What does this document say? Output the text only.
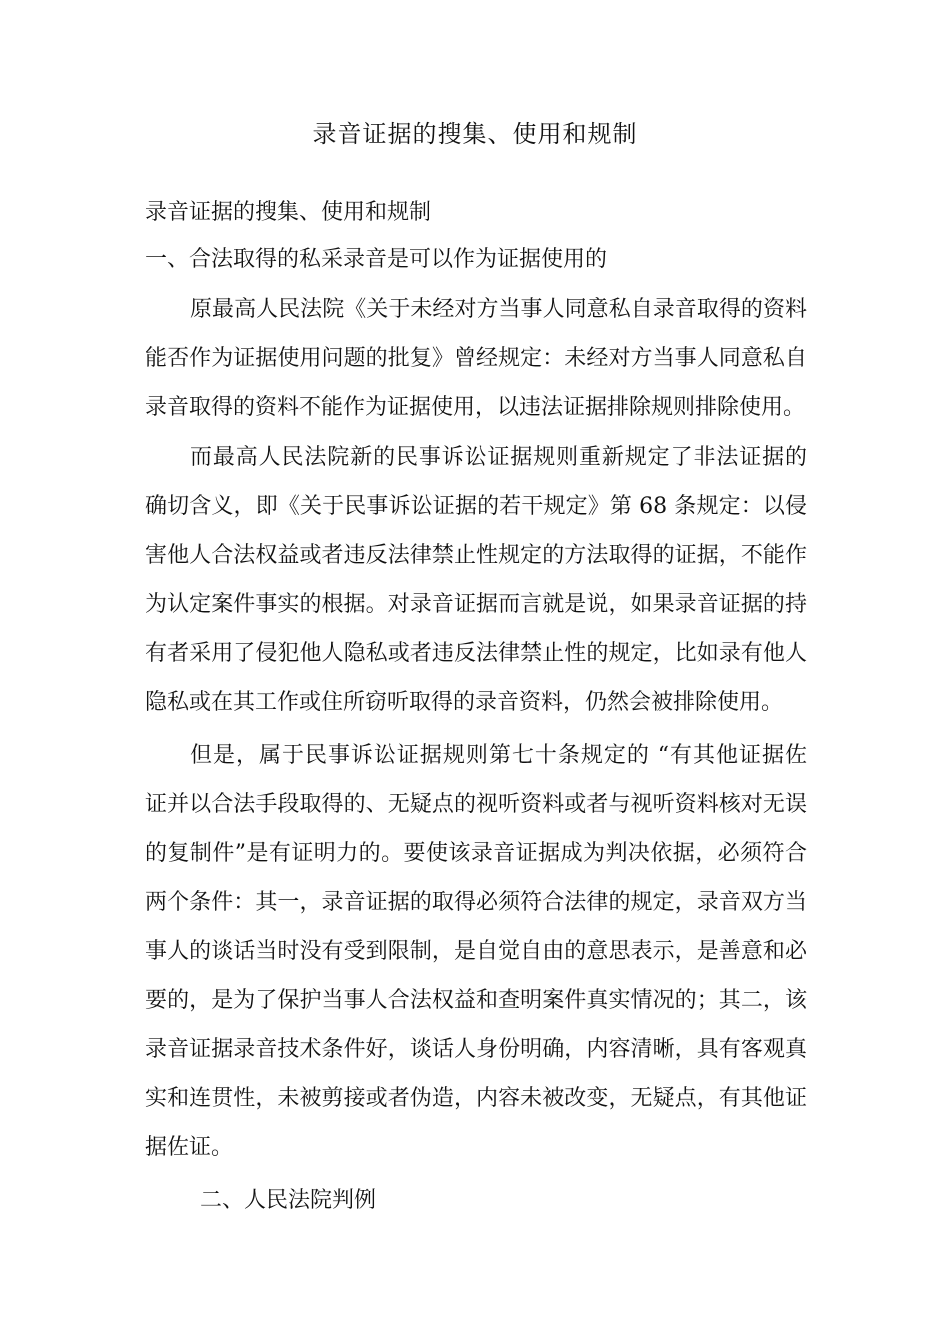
录音证据的搜集、使用和规制
录音证据的搜集、使用和规制
一、合法取得的私采录音是可以作为证据使用的
原最高人民法院《关于未经对方当事人同意私自录音取得的资料
能否作为证据使用问题的批复》曾经规定：未经对方当事人同意私自
录音取得的资料不能作为证据使用，以违法证据排除规则排除使用。
而最高人民法院新的民事诉讼证据规则重新规定了非法证据的
确切含义，即《关于民事诉讼证据的若干规定》第 68 条规定：以侵
害他人合法权益或者违反法律禁止性规定的方法取得的证据，不能作
为认定案件事实的根据。对录音证据而言就是说，如果录音证据的持
有者采用了侵犯他人隐私或者违反法律禁止性的规定，比如录有他人
隐私或在其工作或住所窃听取得的录音资料，仍然会被排除使用。
但是，属于民事诉讼证据规则第七十条规定的 “有其他证据佐
证并以合法手段取得的、无疑点的视听资料或者与视听资料核对无误
的复制件”是有证明力的。要使该录音证据成为判决依据，必须符合
两个条件：其一，录音证据的取得必须符合法律的规定，录音双方当
事人的谈话当时没有受到限制，是自觉自由的意思表示，是善意和必
要的，是为了保护当事人合法权益和查明案件真实情况的；其二，该
录音证据录音技术条件好，谈话人身份明确，内容清晰，具有客观真
实和连贯性，未被剪接或者伪造，内容未被改变，无疑点，有其他证
据佐证。
二、人民法院判例
